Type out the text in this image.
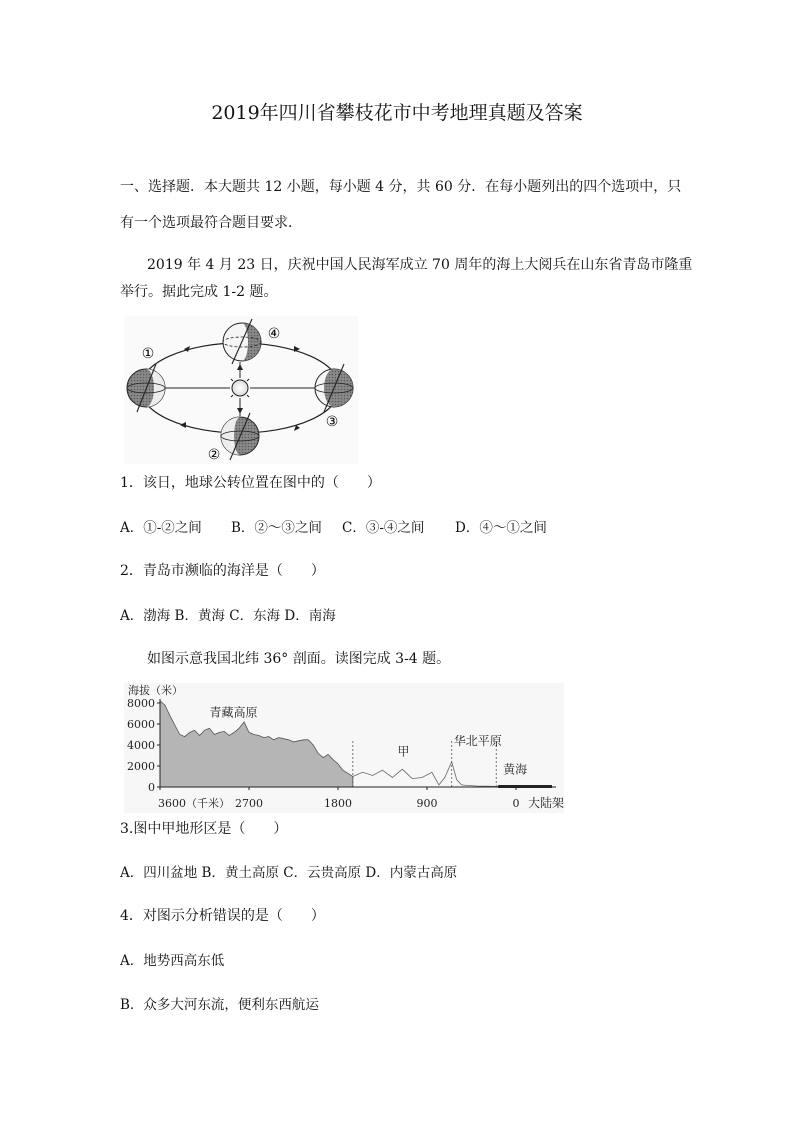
2019年四川省攀枝花市中考地理真题及答案
一、选择题．本大题共 12 小题，每小题 4 分，共 60 分．在每小题列出的四个选项中，只
有一个选项最符合题目要求．
2019 年 4 月 23 日，庆祝中国人民海军成立 70 周年的海上大阅兵在山东省青岛市隆重
举行。据此完成 1-2 题。
①
②
③
④
1．该日，地球公转位置在图中的（　　）
A．①-②之间 B．②～③之间 C．③-④之间 D．④～①之间
2．青岛市濒临的海洋是（　　）
A．渤海 B．黄海 C．东海 D．南海
如图示意我国北纬 36° 剖面。读图完成 3-4 题。
8000
6000
4000
2000
0
海拔（米）
3600（千米） 2700	1800	900	0
青藏高原
甲
华北平原
黄海
大陆架
3.图中甲地形区是（　　）
A．四川盆地 B．黄土高原 C．云贵高原 D．内蒙古高原
4．对图示分析错误的是（　　）
A．地势西高东低
B．众多大河东流，便利东西航运
